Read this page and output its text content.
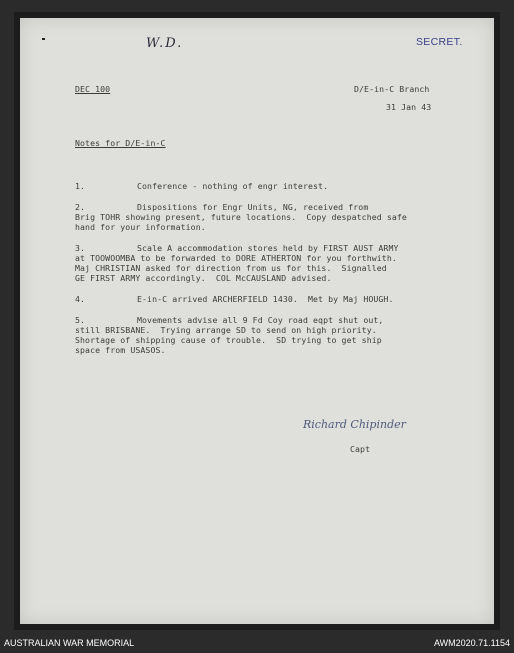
W.D.	SECRET.
DEC 100	D/E-in-C Branch
31 Jan 43
Notes for D/E-in-C
1.	Conference - nothing of engr interest.
2.	Dispositions for Engr Units, NG, received from
Brig TOHR showing present, future locations.  Copy despatched safe
hand for your information.
3.	Scale A accommodation stores held by FIRST AUST ARMY
at TOOWOOMBA to be forwarded to DORE ATHERTON for you forthwith.
Maj CHRISTIAN asked for direction from us for this.  Signalled
GE FIRST ARMY accordingly.  COL McCAUSLAND advised.
4.	E-in-C arrived ARCHERFIELD 1430.  Met by Maj HOUGH.
5.	Movements advise all 9 Fd Coy road eqpt shut out,
still BRISBANE.  Trying arrange SD to send on high priority.
Shortage of shipping cause of trouble.  SD trying to get ship
space from USASOS.
Richard Chipinder
Capt
AUSTRALIAN WAR MEMORIAL	AWM2020.71.1154
